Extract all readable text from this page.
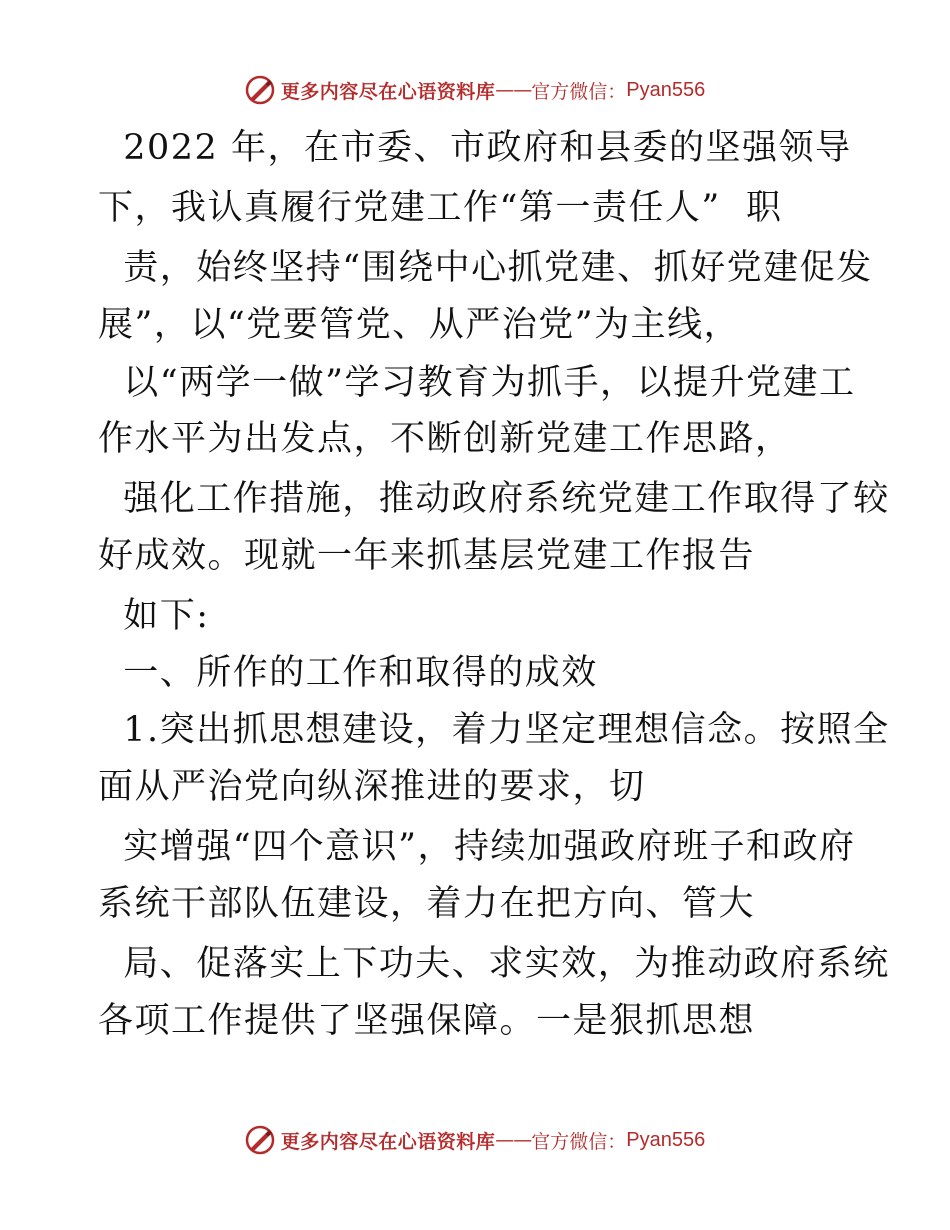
更多内容尽在心语资料库 —— 官方微信： Pyan556
2022 年，在市委、市政府和县委的坚强领导
下，我认真履行党建工作“第一责任人”  职
责，始终坚持“围绕中心抓党建、抓好党建促发
展”，以“党要管党、从严治党”为主线，
以“两学一做”学习教育为抓手，以提升党建工
作水平为出发点，不断创新党建工作思路，
强化工作措施，推动政府系统党建工作取得了较
好成效。现就一年来抓基层党建工作报告
如下:
一、所作的工作和取得的成效
1.突出抓思想建设，着力坚定理想信念。按照全
面从严治党向纵深推进的要求，切
实增强“四个意识”，持续加强政府班子和政府
系统干部队伍建设，着力在把方向、管大
局、促落实上下功夫、求实效，为推动政府系统
各项工作提供了坚强保障。一是狠抓思想
更多内容尽在心语资料库 —— 官方微信： Pyan556
